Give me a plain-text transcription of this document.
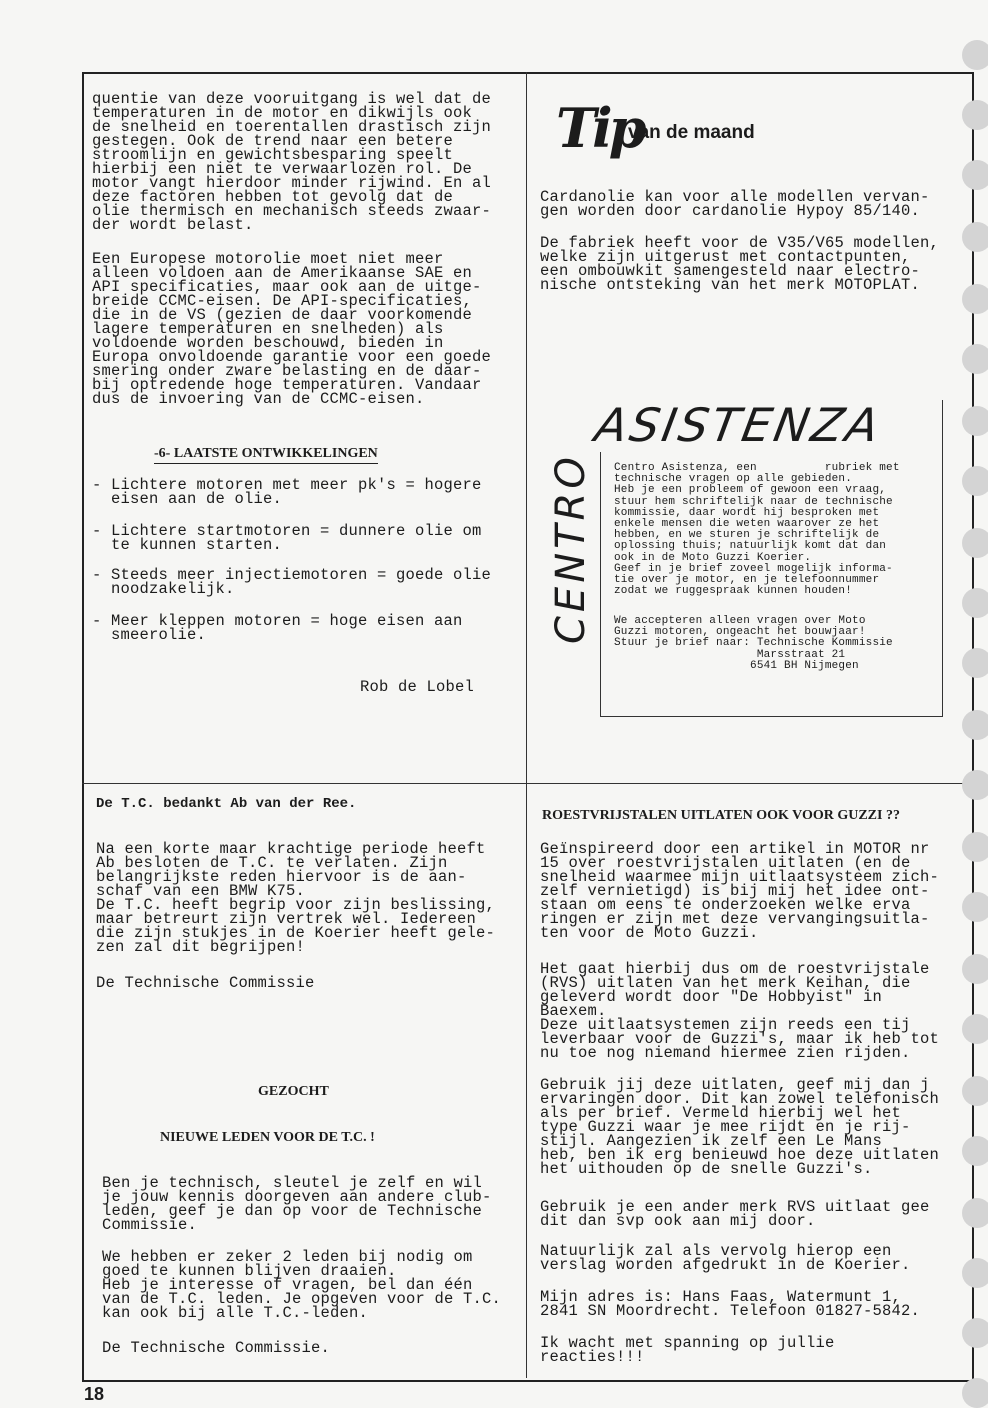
quentie van deze vooruitgang is wel dat de
temperaturen in de motor en dikwijls ook
de snelheid en toerentallen drastisch zijn
gestegen. Ook de trend naar een betere
stroomlijn en gewichtsbesparing speelt
hierbij een niet te verwaarlozen rol. De
motor vangt hierdoor minder rijwind. En al
deze factoren hebben tot gevolg dat de
olie thermisch en mechanisch steeds zwaar-
der wordt belast.
Een Europese motorolie moet niet meer
alleen voldoen aan de Amerikaanse SAE en
API specificaties, maar ook aan de uitge-
breide CCMC-eisen. De API-specificaties,
die in de VS (gezien de daar voorkomende
lagere temperaturen en snelheden) als
voldoende worden beschouwd, bieden in
Europa onvoldoende garantie voor een goede
smering onder zware belasting en de daar-
bij optredende hoge temperaturen. Vandaar
dus de invoering van de CCMC-eisen.
-6- LAATSTE ONTWIKKELINGEN
- Lichtere motoren met meer pk's = hogere
eisen aan de olie.
- Lichtere startmotoren = dunnere olie om
te kunnen starten.
- Steeds meer injectiemotoren = goede olie
noodzakelijk.
- Meer kleppen motoren = hoge eisen aan
smeerolie.
Rob de Lobel
Tip
van de maand
Cardanolie kan voor alle modellen vervan-
gen worden door cardanolie Hypoy 85/140.
De fabriek heeft voor de V35/V65 modellen,
welke zijn uitgerust met contactpunten,
een ombouwkit samengesteld naar electro-
nische ontsteking van het merk MOTOPLAT.
ASISTENZA
CENTRO Centro Asistenza, een          rubriek met
technische vragen op alle gebieden.
Heb je een probleem of gewoon een vraag,
stuur hem schriftelijk naar de technische
kommissie, daar wordt hij besproken met
enkele mensen die weten waarover ze het
hebben, en we sturen je schriftelijk de
oplossing thuis; natuurlijk komt dat dan
ook in de Moto Guzzi Koerier.
Geef in je brief zoveel mogelijk informa-
tie over je motor, en je telefoonnummer
zodat we ruggespraak kunnen houden!
We accepteren alleen vragen over Moto
Guzzi motoren, ongeacht het bouwjaar!
Stuur je brief naar: Technische Kommissie
Marsstraat 21
6541 BH Nijmegen
De T.C. bedankt Ab van der Ree.
Na een korte maar krachtige periode heeft
Ab besloten de T.C. te verlaten. Zijn
belangrijkste reden hiervoor is de aan-
schaf van een BMW K75.
De T.C. heeft begrip voor zijn beslissing,
maar betreurt zijn vertrek wel. Iedereen
die zijn stukjes in de Koerier heeft gele-
zen zal dit begrijpen!
De Technische Commissie
GEZOCHT
NIEUWE LEDEN VOOR DE T.C. !
Ben je technisch, sleutel je zelf en wil
je jouw kennis doorgeven aan andere club-
leden, geef je dan op voor de Technische
Commissie.
We hebben er zeker 2 leden bij nodig om
goed te kunnen blijven draaien.
Heb je interesse of vragen, bel dan één
van de T.C. leden. Je opgeven voor de T.C.
kan ook bij alle T.C.-leden.
De Technische Commissie.
ROESTVRIJSTALEN UITLATEN OOK VOOR GUZZI ??
Geïnspireerd door een artikel in MOTOR nr
15 over roestvrijstalen uitlaten (en de
snelheid waarmee mijn uitlaatsysteem zich-
zelf vernietigd) is bij mij het idee ont-
staan om eens te onderzoeken welke erva
ringen er zijn met deze vervangingsuitla-
ten voor de Moto Guzzi.
Het gaat hierbij dus om de roestvrijstale
(RVS) uitlaten van het merk Keihan, die
geleverd wordt door "De Hobbyist" in
Baexem.
Deze uitlaatsystemen zijn reeds een tij
leverbaar voor de Guzzi's, maar ik heb tot
nu toe nog niemand hiermee zien rijden.
Gebruik jij deze uitlaten, geef mij dan j
ervaringen door. Dit kan zowel telefonisch
als per brief. Vermeld hierbij wel het
type Guzzi waar je mee rijdt en je rij-
stijl. Aangezien ik zelf een Le Mans
heb, ben ik erg benieuwd hoe deze uitlaten
het uithouden op de snelle Guzzi's.
Gebruik je een ander merk RVS uitlaat gee
dit dan svp ook aan mij door.
Natuurlijk zal als vervolg hierop een
verslag worden afgedrukt in de Koerier.
Mijn adres is: Hans Faas, Watermunt 1,
2841 SN Moordrecht. Telefoon 01827-5842.
Ik wacht met spanning op jullie
reacties!!!
18
